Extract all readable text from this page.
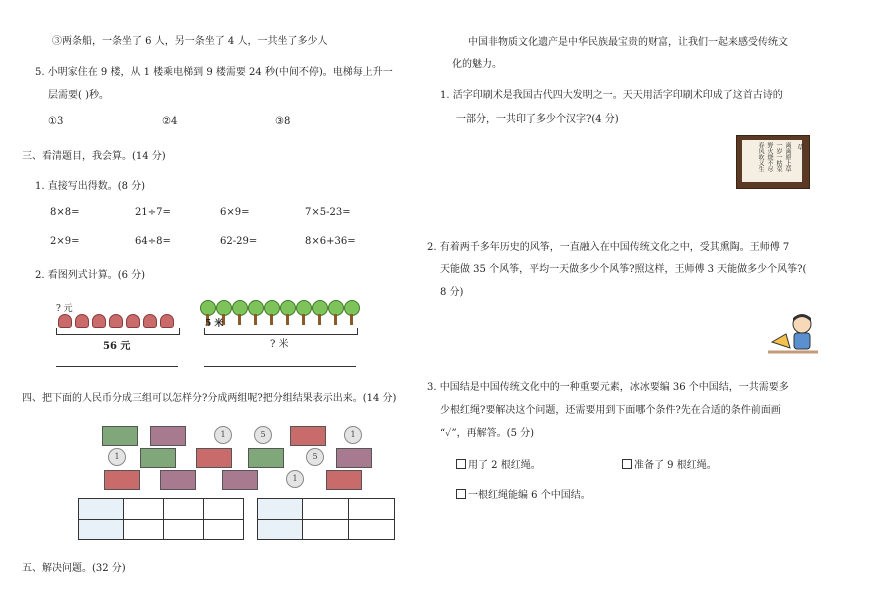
③两条船，一条坐了 6 人，另一条坐了 4 人，一共坐了多少人
5. 小明家住在 9 楼，从 1 楼乘电梯到 9 楼需要 24 秒(中间不停)。电梯每上升一
层需要( )秒。
①3	②4	③8
三、看清题目，我会算。(14 分)
1. 直接写出得数。(8 分)
8×8=	21÷7=	6×9=	7×5-23=
2×9=	64÷8=	62-29=	8×6+36=
2. 看图列式计算。(6 分)
? 元
56 元
5 米
? 米
四、把下面的人民币分成三组可以怎样分?分成两组呢?把分组结果表示出来。(14 分)
1	5	1
1	5
1

五、解决问题。(32 分)
中国非物质文化遗产是中华民族最宝贵的财富，让我们一起来感受传统文
化的魅力。
1. 活字印刷术是我国古代四大发明之一。天天用活字印刷术印成了这首古诗的
一部分，一共印了多少个汉字?(4 分)
草
离离原上草
一岁一枯荣
野火烧不尽
春风吹又生
2. 有着两千多年历史的风筝，一直融入在中国传统文化之中，受其熏陶。王师傅 7
天能做 35 个风筝，平均一天做多少个风筝?照这样，王师傅 3 天能做多少个风筝?(
8 分)
3. 中国结是中国传统文化中的一种重要元素，冰冰要编 36 个中国结，一共需要多
少根红绳?要解决这个问题，还需要用到下面哪个条件?先在合适的条件前面画
“✓”，再解答。(5 分)
用了 2 根红绳。	准备了 9 根红绳。
一根红绳能编 6 个中国结。
